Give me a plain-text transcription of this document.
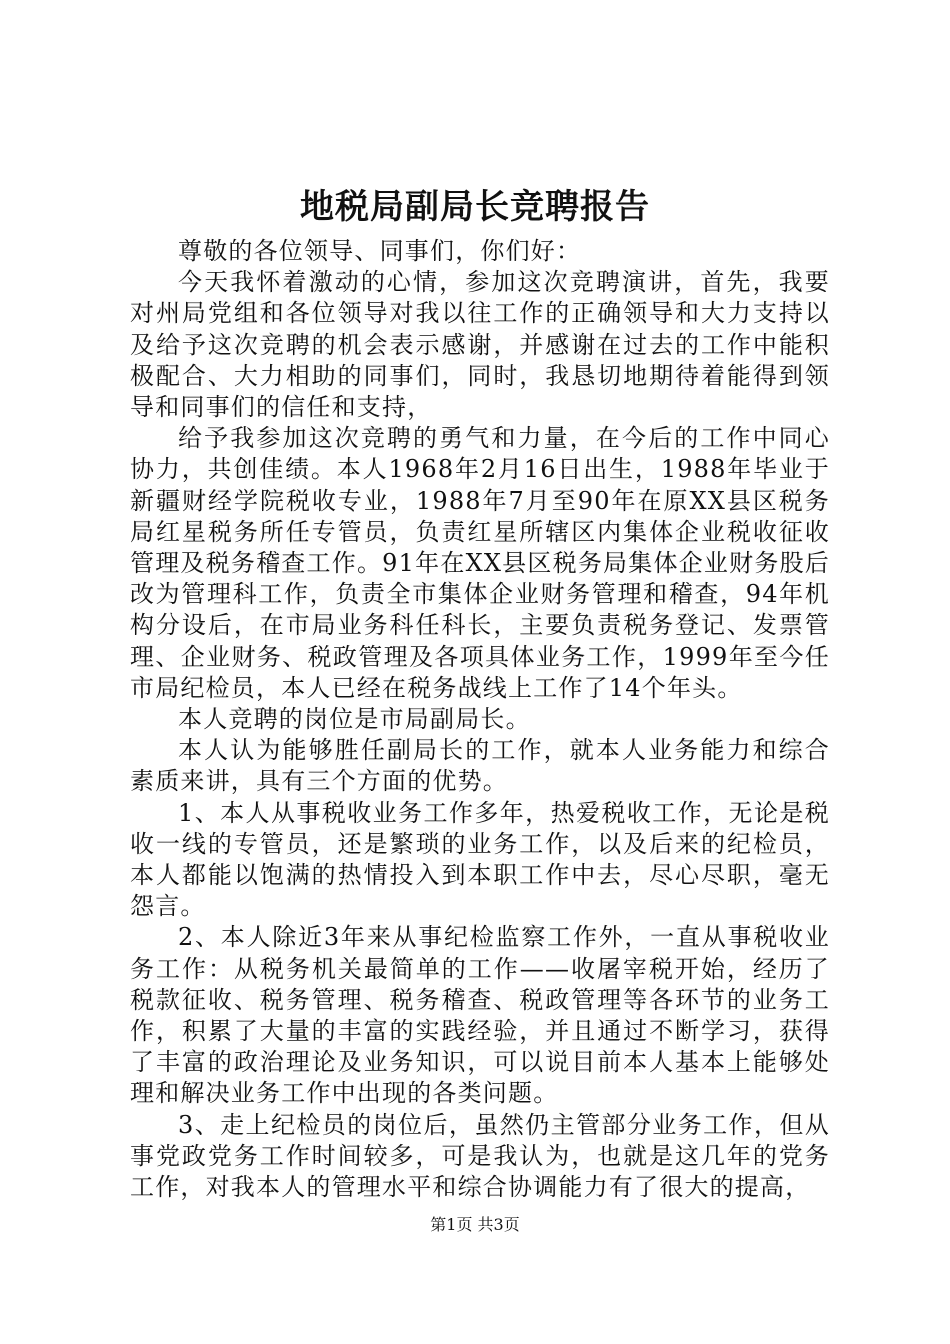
地税局副局长竞聘报告

尊敬的各位领导、同事们，你们好：

今天我怀着激动的心情，参加这次竞聘演讲，首先，我要对州局党组和各位领导对我以往工作的正确领导和大力支持以及给予这次竞聘的机会表示感谢，并感谢在过去的工作中能积极配合、大力相助的同事们，同时，我恳切地期待着能得到领导和同事们的信任和支持，

给予我参加这次竞聘的勇气和力量，在今后的工作中同心协力，共创佳绩。本人1968年2月16日出生，1988年毕业于新疆财经学院税收专业，1988年7月至90年在原XX县区税务局红星税务所任专管员，负责红星所辖区内集体企业税收征收管理及税务稽查工作。91年在XX县区税务局集体企业财务股后改为管理科工作，负责全市集体企业财务管理和稽查，94年机构分设后，在市局业务科任科长，主要负责税务登记、发票管理、企业财务、税政管理及各项具体业务工作，1999年至今任市局纪检员，本人已经在税务战线上工作了14个年头。

本人竞聘的岗位是市局副局长。

本人认为能够胜任副局长的工作，就本人业务能力和综合素质来讲，具有三个方面的优势。

1、本人从事税收业务工作多年，热爱税收工作，无论是税收一线的专管员，还是繁琐的业务工作，以及后来的纪检员，本人都能以饱满的热情投入到本职工作中去，尽心尽职，毫无怨言。

2、本人除近3年来从事纪检监察工作外，一直从事税收业务工作：从税务机关最简单的工作——收屠宰税开始，经历了税款征收、税务管理、税务稽查、税政管理等各环节的业务工作，积累了大量的丰富的实践经验，并且通过不断学习，获得了丰富的政治理论及业务知识，可以说目前本人基本上能够处理和解决业务工作中出现的各类问题。

3、走上纪检员的岗位后，虽然仍主管部分业务工作，但从事党政党务工作时间较多，可是我认为，也就是这几年的党务工作，对我本人的管理水平和综合协调能力有了很大的提高，

第1页 共3页
